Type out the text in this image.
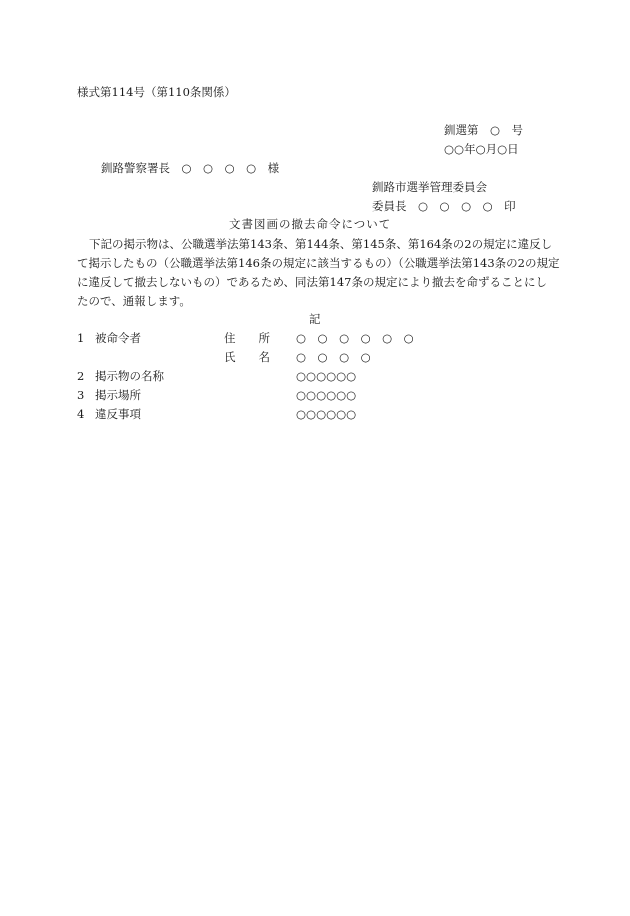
様式第114号（第110条関係）
釧選第　○　号
○○年○月○日
釧路警察署長　○　○　○　○　様
釧路市選挙管理委員会
委員長　○　○　○　○　印
文書図画の撤去命令について
下記の掲示物は、公職選挙法第143条、第144条、第145条、第164条の2の規定に違反し
て掲示したもの（公職選挙法第146条の規定に該当するもの）（公職選挙法第143条の2の規定
に違反して撤去しないもの）であるため、同法第147条の規定により撤去を命ずることにし
たので、通報します。
記
1 被命令者	住　　所 ○　○　○　○　○　○
氏　　名 ○　○　○　○
2 掲示物の名称	○○○○○○
3 掲示場所	○○○○○○
4 違反事項	○○○○○○
